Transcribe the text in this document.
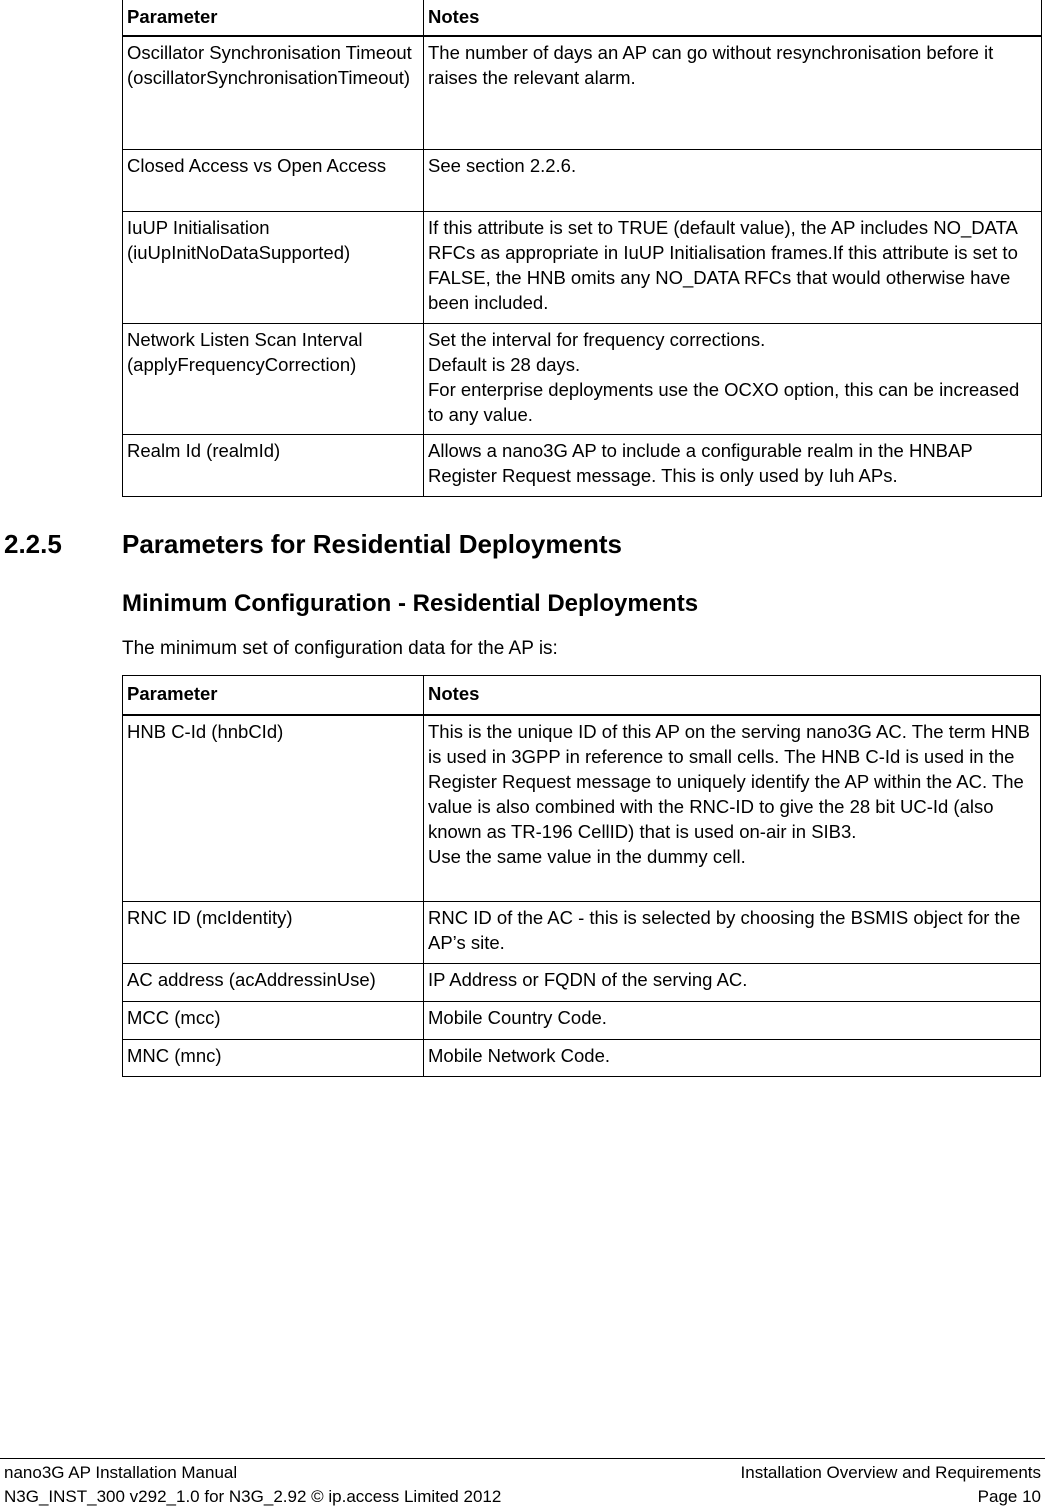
Parameter	Notes
Oscillator Synchronisation Timeout (oscillatorSynchronisationTimeout)	The number of days an AP can go without resynchronisation before it raises the relevant alarm.
Closed Access vs Open Access	See section 2.2.6.
IuUP Initialisation (iuUpInitNoDataSupported)	If this attribute is set to TRUE (default value), the AP includes NO_DATA RFCs as appropriate in IuUP Initialisation frames.If this attribute is set to FALSE, the HNB omits any NO_DATA RFCs that would otherwise have been included.
Network Listen Scan Interval (applyFrequencyCorrection)	Set the interval for frequency corrections.
Default is 28 days.
For enterprise deployments use the OCXO option, this can be increased to any value.
Realm Id (realmId)	Allows a nano3G AP to include a configurable realm in the HNBAP Register Request message. This is only used by Iuh APs.
2.2.5 Parameters for Residential Deployments
Minimum Configuration - Residential Deployments
The minimum set of configuration data for the AP is:
Parameter	Notes
HNB C-Id (hnbCId)	This is the unique ID of this AP on the serving nano3G AC. The term HNB is used in 3GPP in reference to small cells. The HNB C-Id is used in the Register Request message to uniquely identify the AP within the AC. The value is also combined with the RNC-ID to give the 28 bit UC-Id (also known as TR-196 CellID) that is used on-air in SIB3.
Use the same value in the dummy cell.
RNC ID (mcIdentity)	RNC ID of the AC - this is selected by choosing the BSMIS object for the AP’s site.
AC address (acAddressinUse)	IP Address or FQDN of the serving AC.
MCC (mcc)	Mobile Country Code.
MNC (mnc)	Mobile Network Code.
nano3G AP Installation Manual
N3G_INST_300 v292_1.0 for N3G_2.92 © ip.access Limited 2012
Installation Overview and Requirements
Page 10
